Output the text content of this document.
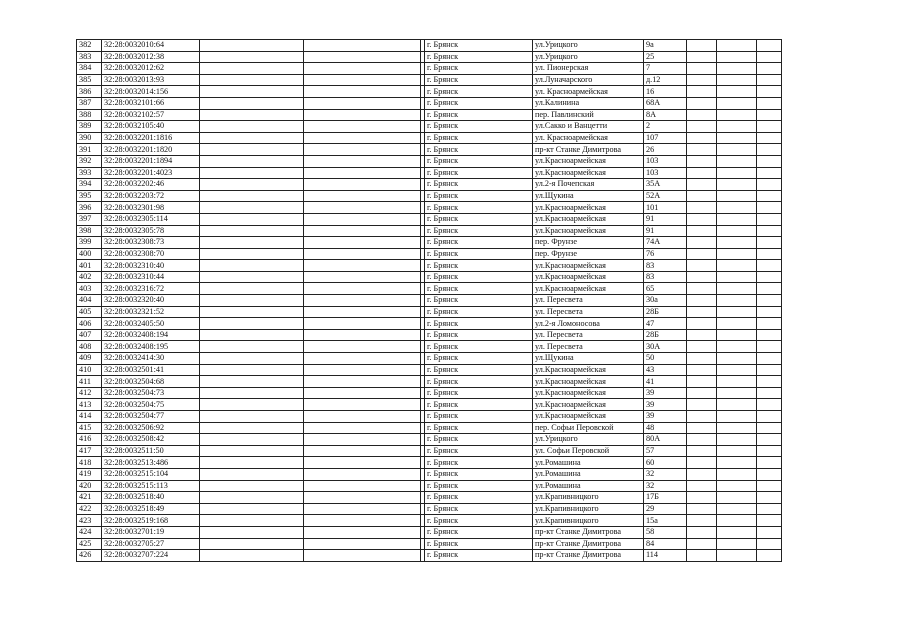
382	32:28:0032010:64				г. Брянск	ул.Урицкого	9а			
383	32:28:0032012:38				г. Брянск	ул.Урицкого	25			
384	32:28:0032012:62				г. Брянск	ул. Пионерская	7			
385	32:28:0032013:93				г. Брянск	ул.Луначарского	д.12			
386	32:28:0032014:156				г. Брянск	ул. Красноармейская	16			
387	32:28:0032101:66				г. Брянск	ул.Калинина	68А			
388	32:28:0032102:57				г. Брянск	пер. Павлинский	8А			
389	32:28:0032105:40				г. Брянск	ул.Сакко и Ванцетти	2			
390	32:28:0032201:1816				г. Брянск	ул. Красноармейская	107			
391	32:28:0032201:1820				г. Брянск	пр-кт Станке Димитрова	26			
392	32:28:0032201:1894				г. Брянск	ул.Красноармейская	103			
393	32:28:0032201:4023				г. Брянск	ул.Красноармейская	103			
394	32:28:0032202:46				г. Брянск	ул.2-я Почепская	35А			
395	32:28:0032203:72				г. Брянск	ул.Щукина	52А			
396	32:28:0032301:98				г. Брянск	ул.Красноармейская	101			
397	32:28:0032305:114				г. Брянск	ул.Красноармейская	91			
398	32:28:0032305:78				г. Брянск	ул.Красноармейская	91			
399	32:28:0032308:73				г. Брянск	пер. Фрунзе	74А			
400	32:28:0032308:70				г. Брянск	пер. Фрунзе	76			
401	32:28:0032310:40				г. Брянск	ул.Красноармейская	83			
402	32:28:0032310:44				г. Брянск	ул.Красноармейская	83			
403	32:28:0032316:72				г. Брянск	ул.Красноармейская	65			
404	32:28:0032320:40				г. Брянск	ул. Пересвета	30а			
405	32:28:0032321:52				г. Брянск	ул. Пересвета	28Б			
406	32:28:0032405:50				г. Брянск	ул.2-я Ломоносова	47			
407	32:28:0032408:194				г. Брянск	ул. Пересвета	28Б			
408	32:28:0032408:195				г. Брянск	ул. Пересвета	30А			
409	32:28:0032414:30				г. Брянск	ул.Щукина	50			
410	32:28:0032501:41				г. Брянск	ул.Красноармейская	43			
411	32:28:0032504:68				г. Брянск	ул.Красноармейская	41			
412	32:28:0032504:73				г. Брянск	ул.Красноармейская	39			
413	32:28:0032504:75				г. Брянск	ул.Красноармейская	39			
414	32:28:0032504:77				г. Брянск	ул.Красноармейская	39			
415	32:28:0032506:92				г. Брянск	пер. Софьи Перовской	48			
416	32:28:0032508:42				г. Брянск	ул.Урицкого	80А			
417	32:28:0032511:50				г. Брянск	ул. Софьи Перовской	57			
418	32:28:0032513:486				г. Брянск	ул.Ромашина	60			
419	32:28:0032515:104				г. Брянск	ул.Ромашина	32			
420	32:28:0032515:113				г. Брянск	ул.Ромашина	32			
421	32:28:0032518:40				г. Брянск	ул.Крапивницкого	17Б			
422	32:28:0032518:49				г. Брянск	ул.Крапивницкого	29			
423	32:28:0032519:168				г. Брянск	ул.Крапивницкого	15а			
424	32:28:0032701:19				г. Брянск	пр-кт Станке Димитрова	58			
425	32:28:0032705:27				г. Брянск	пр-кт Станке Димитрова	84			
426	32:28:0032707:224				г. Брянск	пр-кт Станке Димитрова	114			
